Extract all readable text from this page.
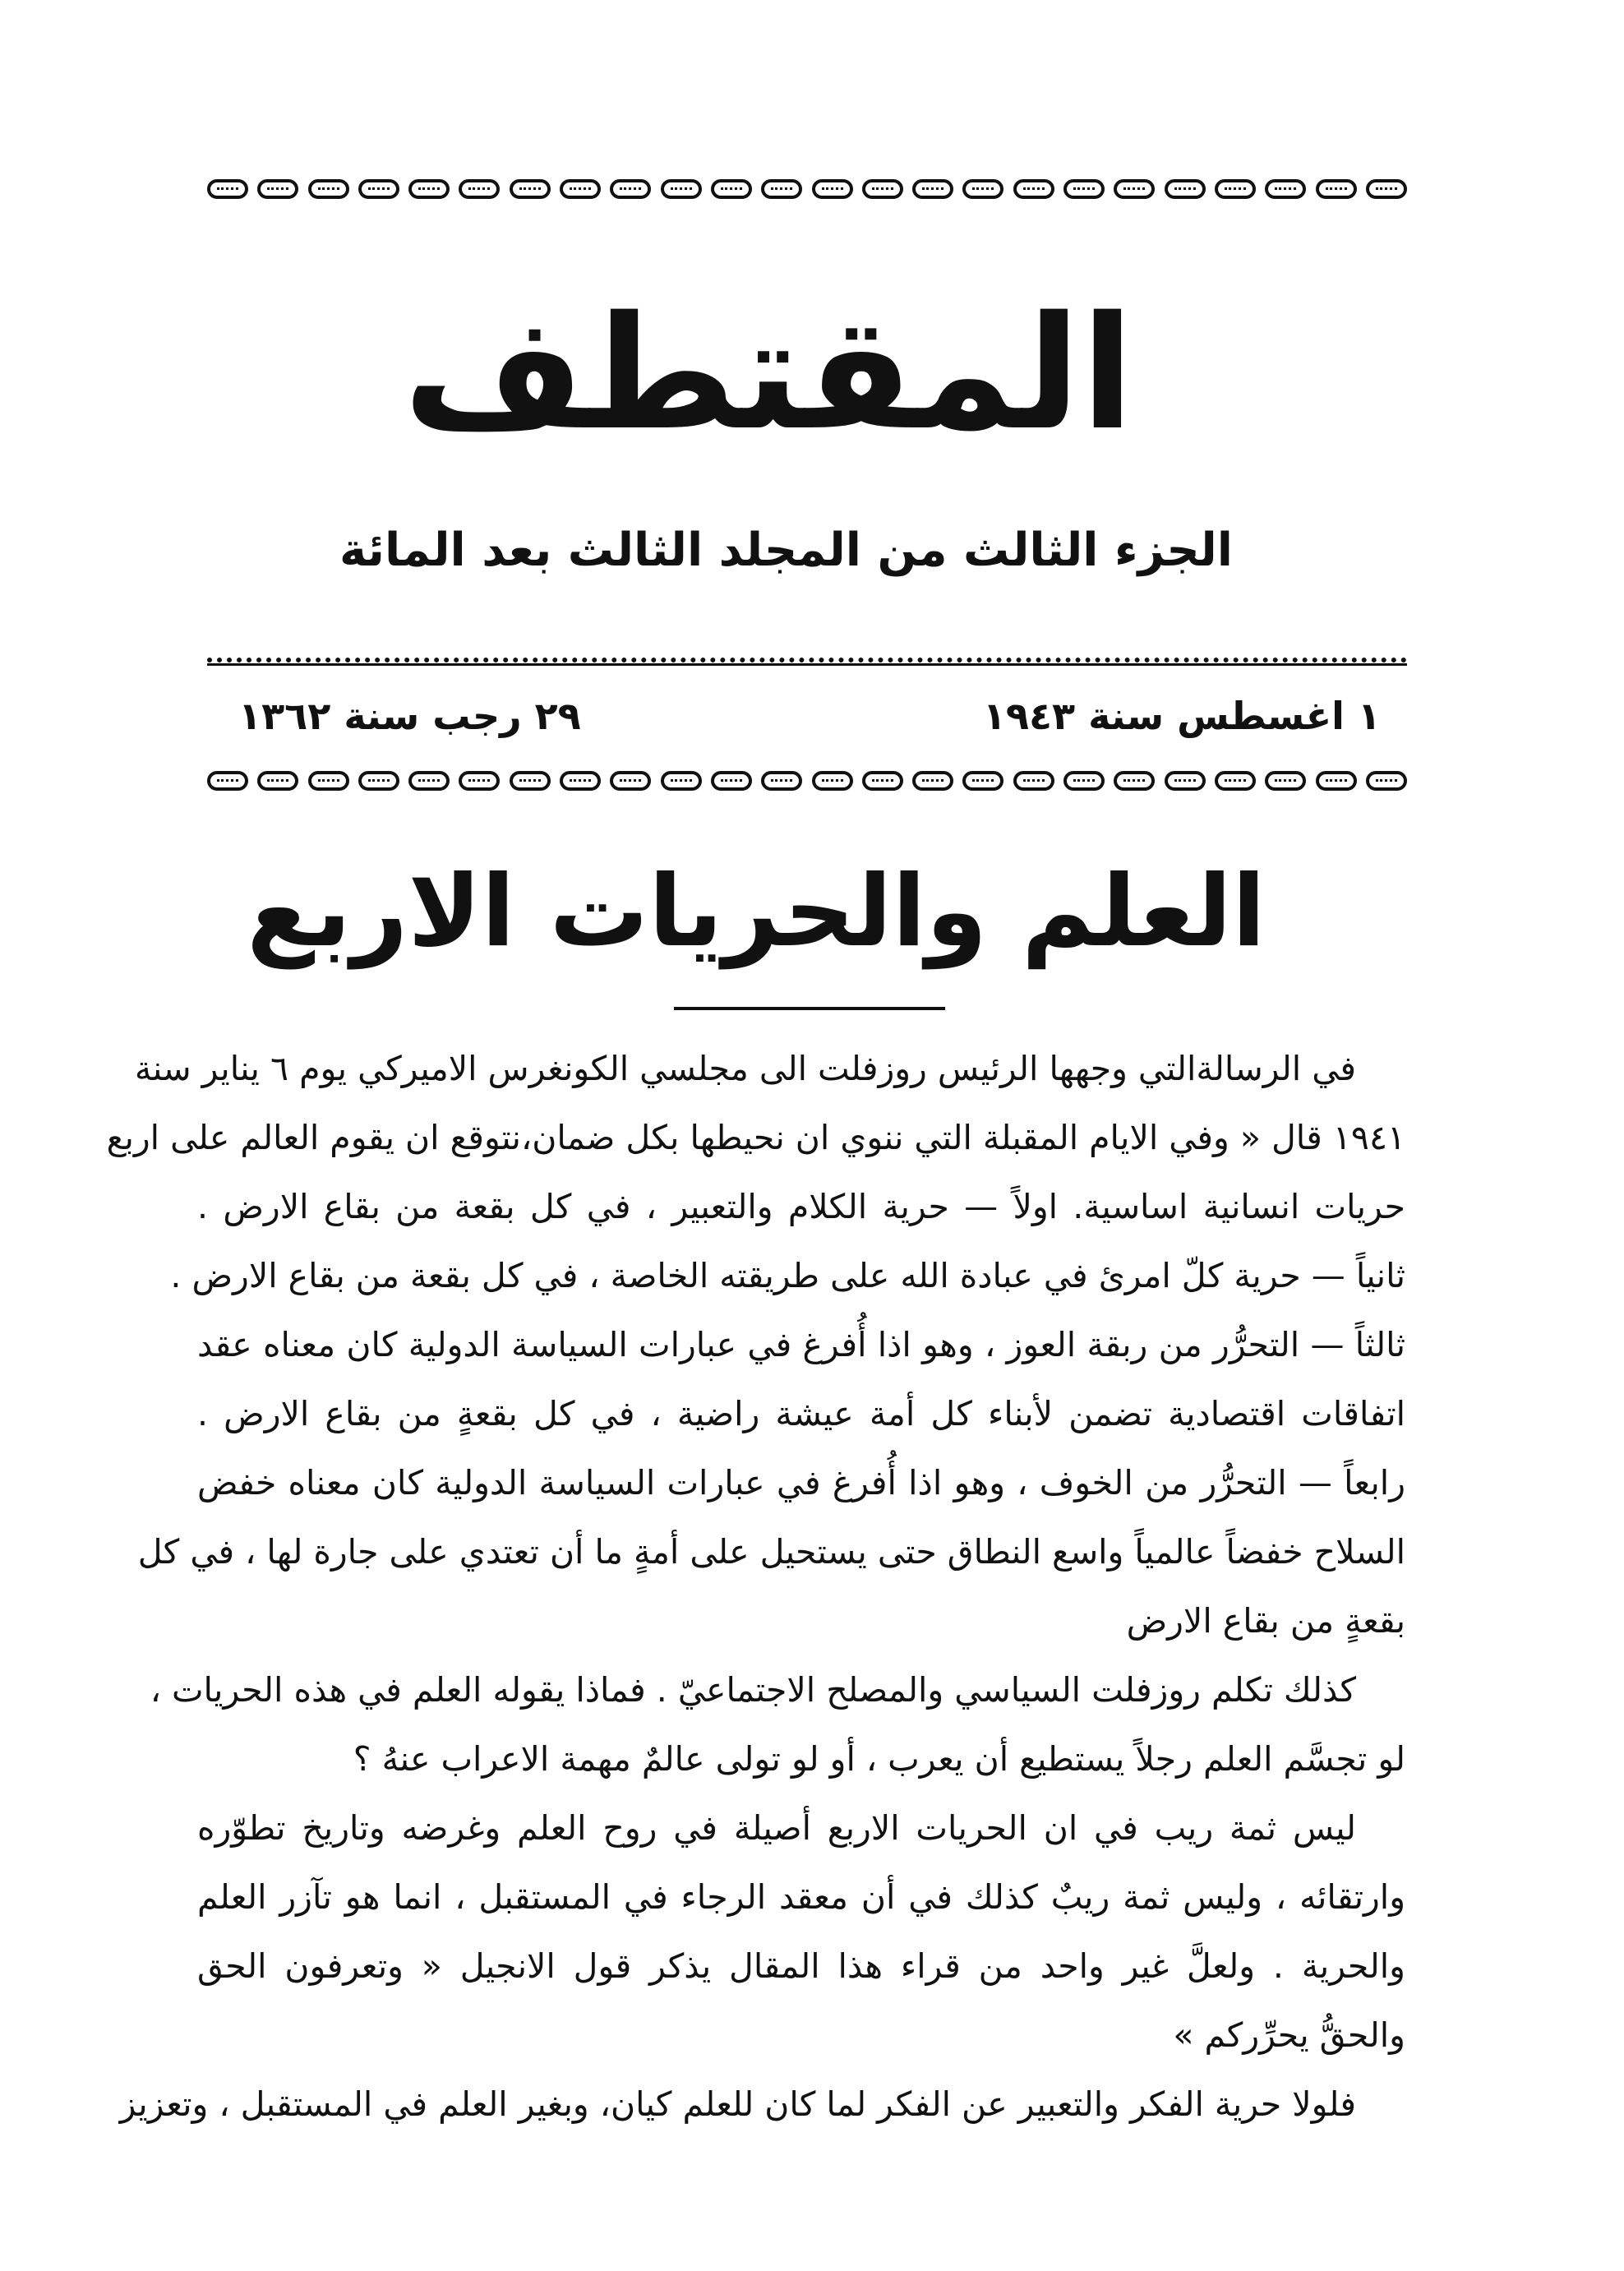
المقتطف
الجزء الثالث من المجلد الثالث بعد المائة
١ اغسطس سنة ١٩٤٣
٢٩ رجب سنة ١٣٦٢
العلم والحريات الاربع
في الرسالةالتي وجهها الرئيس روزفلت الى مجلسي الكونغرس الاميركي يوم ٦ يناير سنة
١٩٤١ قال « وفي الايام المقبلة التي ننوي ان نحيطها بكل ضمان،نتوقع ان يقوم العالم على اربع
حريات انسانية اساسية. اولاً — حرية الكلام والتعبير ، في كل بقعة من بقاع الارض .
ثانياً — حرية كلّ امرئ في عبادة الله على طريقته الخاصة ، في كل بقعة من بقاع الارض .
ثالثاً — التحرُّر من ربقة العوز ، وهو اذا أُفرغ في عبارات السياسة الدولية كان معناه عقد
اتفاقات اقتصادية تضمن لأبناء كل أمة عيشة راضية ، في كل بقعةٍ من بقاع الارض .
رابعاً — التحرُّر من الخوف ، وهو اذا أُفرغ في عبارات السياسة الدولية كان معناه خفض
السلاح خفضاً عالمياً واسع النطاق حتى يستحيل على أمةٍ ما أن تعتدي على جارة لها ، في كل
بقعةٍ من بقاع الارض
كذلك تكلم روزفلت السياسي والمصلح الاجتماعيّ . فماذا يقوله العلم في هذه الحريات ،
لو تجسَّم العلم رجلاً يستطيع أن يعرب ، أو لو تولى عالمٌ مهمة الاعراب عنهُ ؟
ليس ثمة ريب في ان الحريات الاربع أصيلة في روح العلم وغرضه وتاريخ تطوّره
وارتقائه ، وليس ثمة ريبٌ كذلك في أن معقد الرجاء في المستقبل ، انما هو تآزر العلم
والحرية . ولعلَّ غير واحد من قراء هذا المقال يذكر قول الانجيل « وتعرفون الحق
والحقُّ يحرِّركم »
فلولا حرية الفكر والتعبير عن الفكر لما كان للعلم كيان، وبغير العلم في المستقبل ، وتعزيز
